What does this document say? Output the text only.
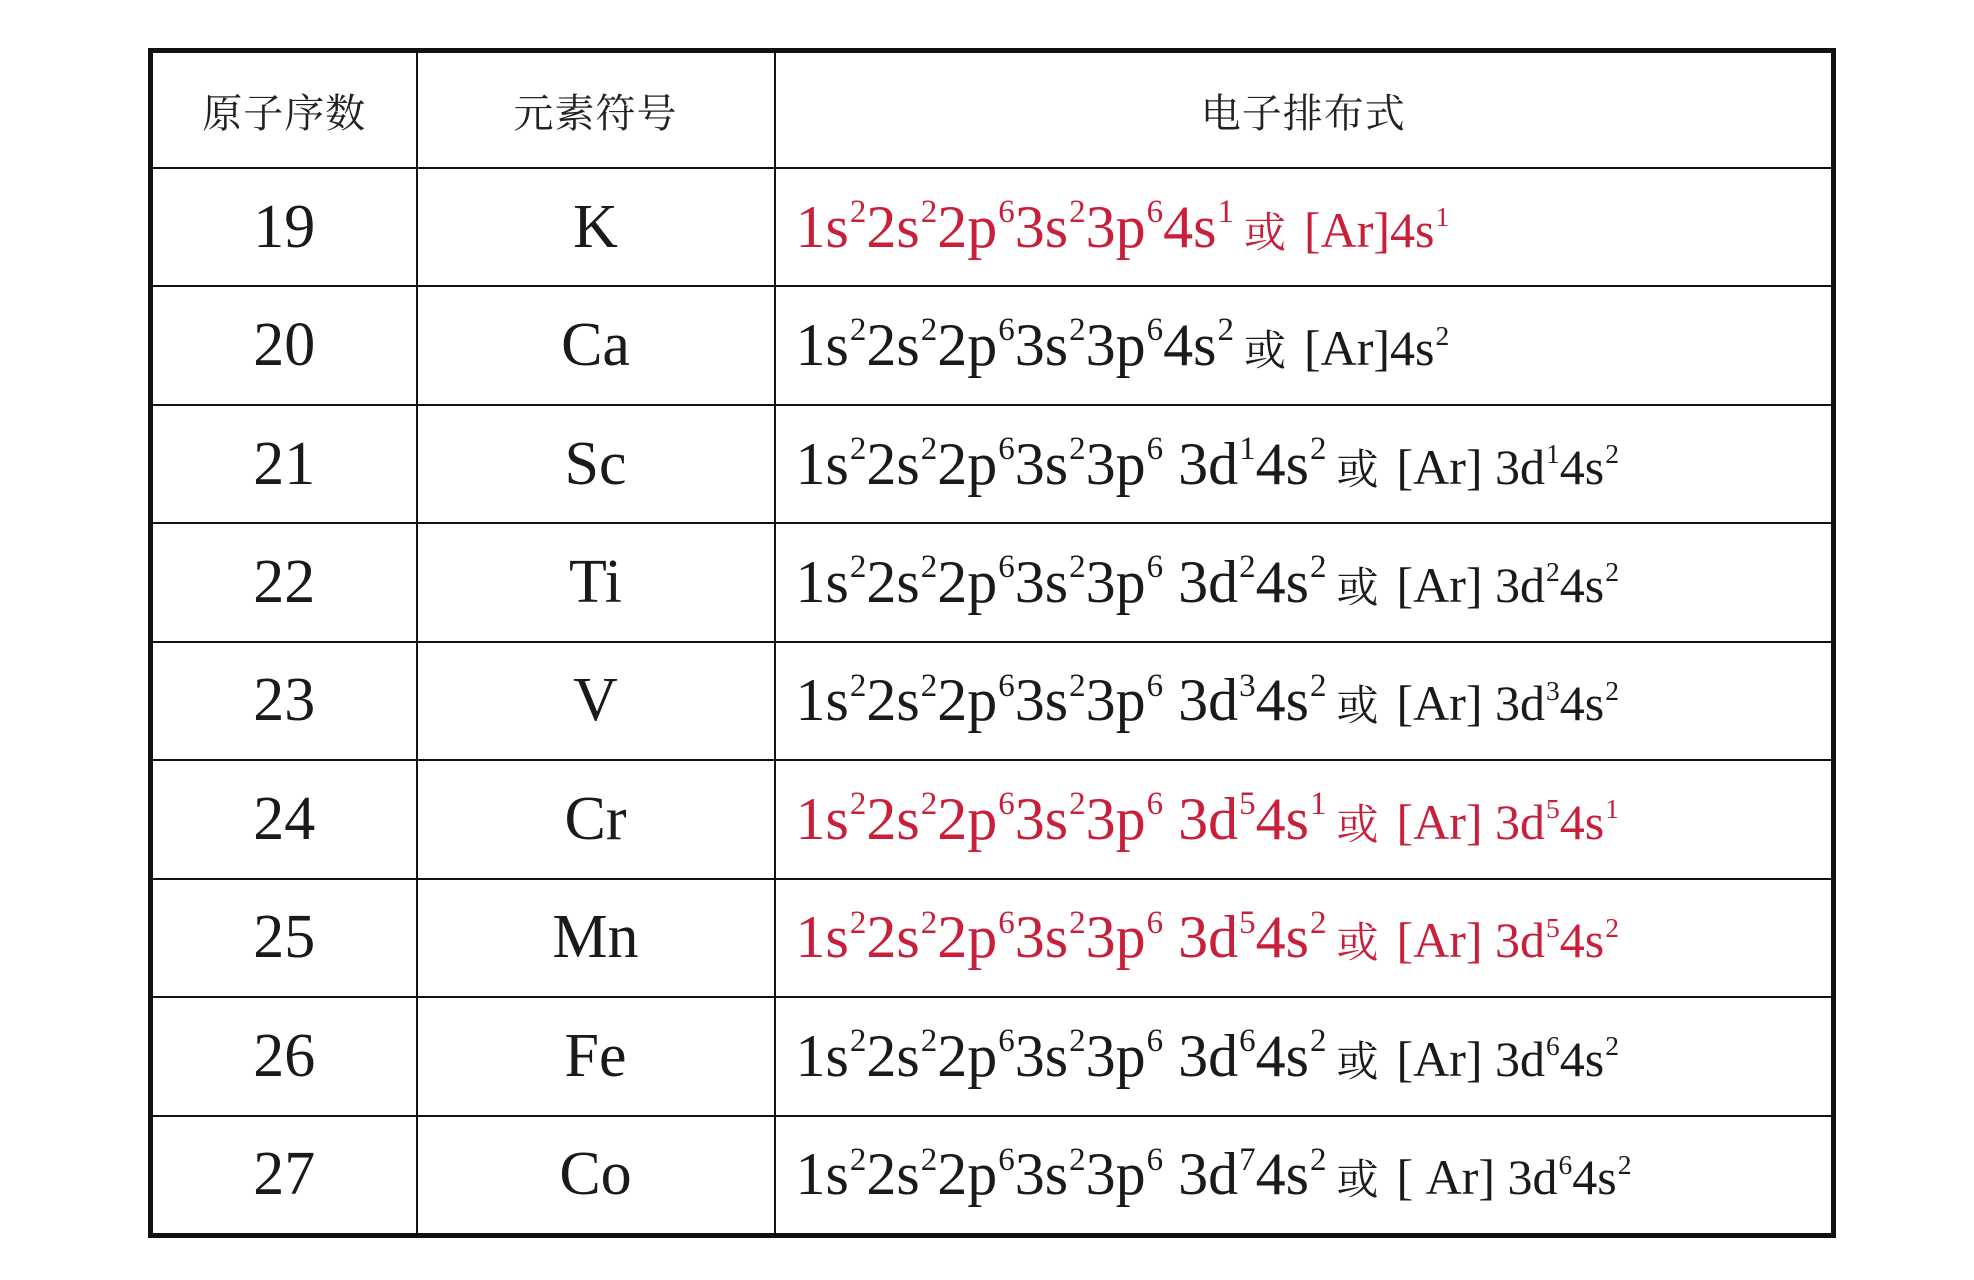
原子序数	元素符号	电子排布式
19	K	$1s^22s^22p^63s^23p^64s^1$ 或 $[Ar]4s^1$
20	Ca	$1s^22s^22p^63s^23p^64s^2$ 或 $[Ar]4s^2$
21	Sc	$1s^22s^22p^63s^23p^6$ $3d^14s^2$ 或 [Ar] $3d^14s^2$
22	Ti	$1s^22s^22p^63s^23p^6$ $3d^24s^2$ 或 [Ar] $3d^24s^2$
23	V	$1s^22s^22p^63s^23p^6$ $3d^34s^2$ 或 [Ar] $3d^34s^2$
24	Cr	$1s^22s^22p^63s^23p^6$ $3d^54s^1$ 或 [Ar] $3d^54s^1$
25	Mn	$1s^22s^22p^63s^23p^6$ $3d^54s^2$ 或 [Ar] $3d^54s^2$
26	Fe	$1s^22s^22p^63s^23p^6$ $3d^64s^2$ 或 [Ar] $3d^64s^2$
27	Co	$1s^22s^22p^63s^23p^6$ $3d^74s^2$ 或 [ Ar] $3d^64s^2$
